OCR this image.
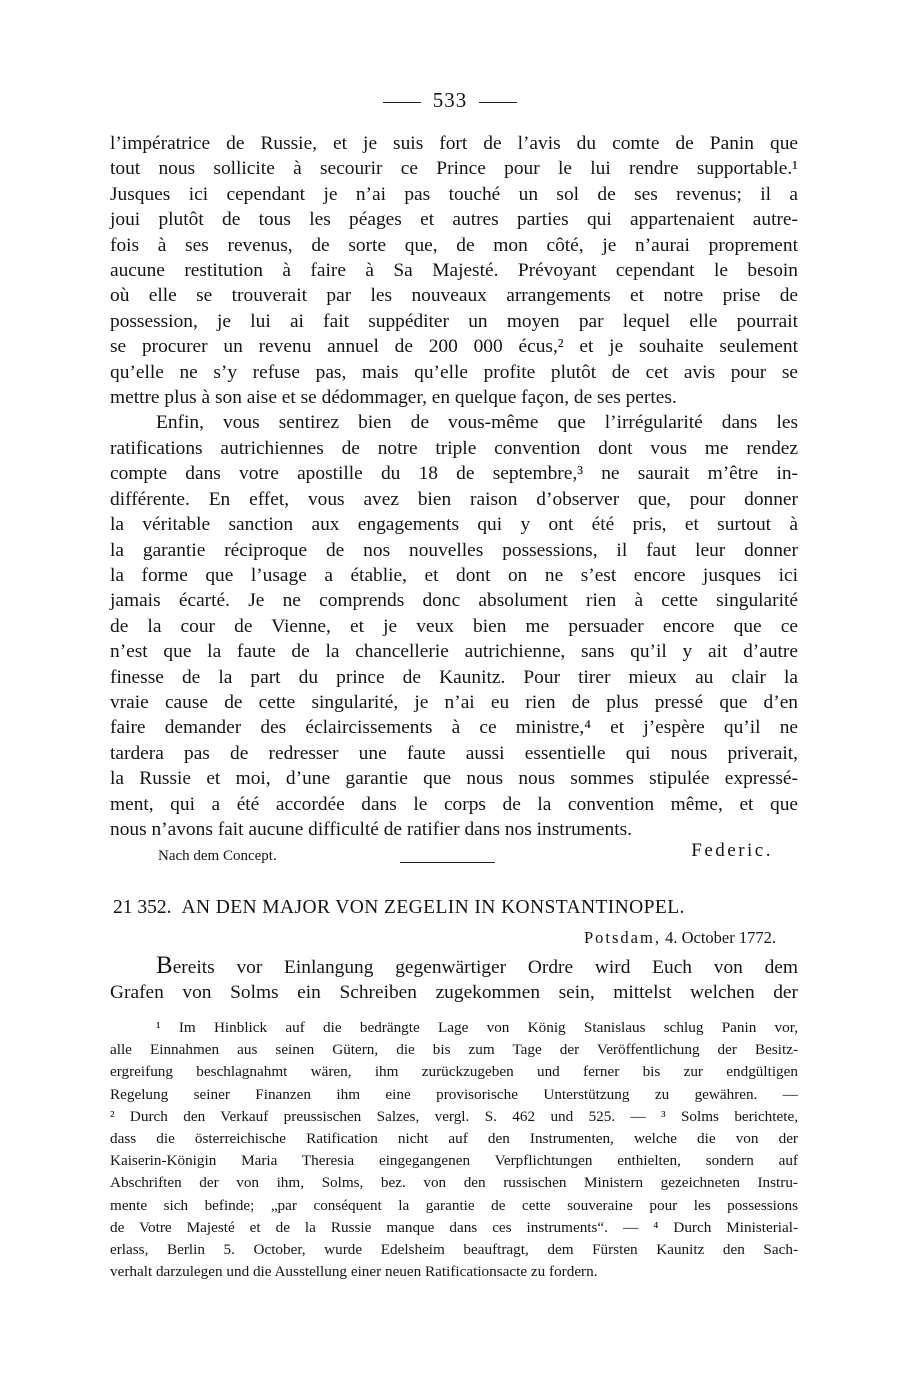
533
l’impératrice de Russie, et je suis fort de l’avis du comte de Panin que
tout nous sollicite à secourir ce Prince pour le lui rendre supportable.¹
Jusques ici cependant je n’ai pas touché un sol de ses revenus; il a
joui plutôt de tous les péages et autres parties qui appartenaient autre-
fois à ses revenus, de sorte que, de mon côté, je n’aurai proprement
aucune restitution à faire à Sa Majesté. Prévoyant cependant le besoin
où elle se trouverait par les nouveaux arrangements et notre prise de
possession, je lui ai fait suppéditer un moyen par lequel elle pourrait
se procurer un revenu annuel de 200 000 écus,² et je souhaite seulement
qu’elle ne s’y refuse pas, mais qu’elle profite plutôt de cet avis pour se
mettre plus à son aise et se dédommager, en quelque façon, de ses pertes.
Enfin, vous sentirez bien de vous-même que l’irrégularité dans les
ratifications autrichiennes de notre triple convention dont vous me rendez
compte dans votre apostille du 18 de septembre,³ ne saurait m’être in-
différente. En effet, vous avez bien raison d’observer que, pour donner
la véritable sanction aux engagements qui y ont été pris, et surtout à
la garantie réciproque de nos nouvelles possessions, il faut leur donner
la forme que l’usage a établie, et dont on ne s’est encore jusques ici
jamais écarté. Je ne comprends donc absolument rien à cette singularité
de la cour de Vienne, et je veux bien me persuader encore que ce
n’est que la faute de la chancellerie autrichienne, sans qu’il y ait d’autre
finesse de la part du prince de Kaunitz. Pour tirer mieux au clair la
vraie cause de cette singularité, je n’ai eu rien de plus pressé que d’en
faire demander des éclaircissements à ce ministre,⁴ et j’espère qu’il ne
tardera pas de redresser une faute aussi essentielle qui nous priverait,
la Russie et moi, d’une garantie que nous nous sommes stipulée expressé-
ment, qui a été accordée dans le corps de la convention même, et que
nous n’avons fait aucune difficulté de ratifier dans nos instruments.
Nach dem Concept.	Federic.
21 352. AN DEN MAJOR VON ZEGELIN IN KONSTANTINOPEL.
Potsdam, 4. October 1772.
Bereits vor Einlangung gegenwärtiger Ordre wird Euch von dem
Grafen von Solms ein Schreiben zugekommen sein, mittelst welchen der
¹ Im Hinblick auf die bedrängte Lage von König Stanislaus schlug Panin vor,
alle Einnahmen aus seinen Gütern, die bis zum Tage der Veröffentlichung der Besitz-
ergreifung beschlagnahmt wären, ihm zurückzugeben und ferner bis zur endgültigen
Regelung seiner Finanzen ihm eine provisorische Unterstützung zu gewähren. —
² Durch den Verkauf preussischen Salzes, vergl. S. 462 und 525. — ³ Solms berichtete,
dass die österreichische Ratification nicht auf den Instrumenten, welche die von der
Kaiserin-Königin Maria Theresia eingegangenen Verpflichtungen enthielten, sondern auf
Abschriften der von ihm, Solms, bez. von den russischen Ministern gezeichneten Instru-
mente sich befinde; „par conséquent la garantie de cette souveraine pour les possessions
de Votre Majesté et de la Russie manque dans ces instruments“. — ⁴ Durch Ministerial-
erlass, Berlin 5. October, wurde Edelsheim beauftragt, dem Fürsten Kaunitz den Sach-
verhalt darzulegen und die Ausstellung einer neuen Ratificationsacte zu fordern.
